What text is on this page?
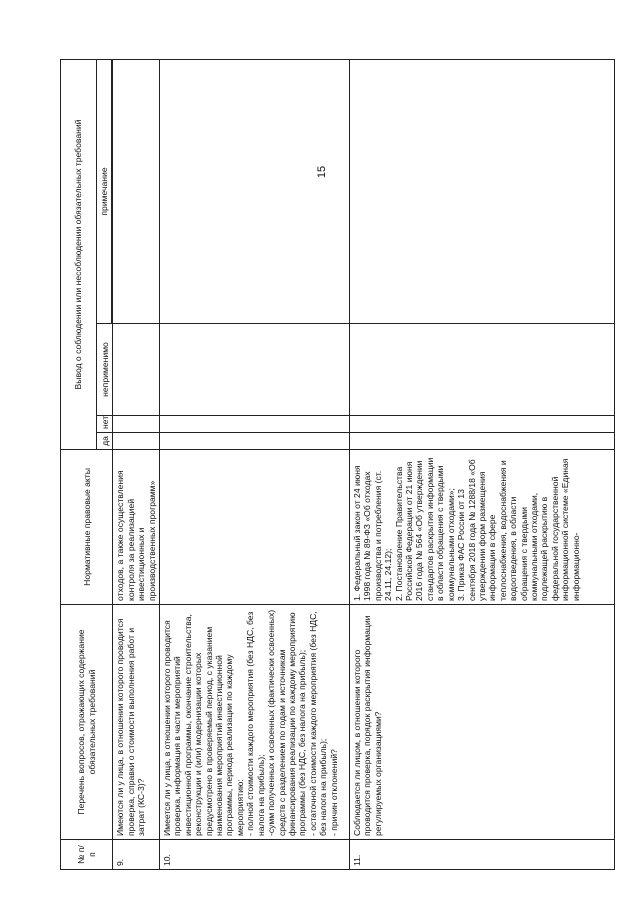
15
№ п/п	Перечень вопросов, отражающих содержание обязательных требований	Нормативные правовые акты	Вывод о соблюдении или несоблюдении обязательных требований			
			да	нет	неприменимо	примечание

9.	Имеются ли у лица, в отношении которого проводится проверка, справки о стоимости выполнения работ и затрат (КС-3)?	отходов, а также осуществления контроля за реализацией инвестиционных и производственных программ»				
10.	Имеется ли у лица, в отношении которого проводится проверка, информация в части мероприятий инвестиционной программы, окончание строительства, реконструкции и (или) модернизации которых предусмотрено в проверяемый период, с указанием наименования мероприятий инвестиционной программы, периода реализации по каждому мероприятию: - полной стоимости каждого мероприятия (без НДС, без налога на прибыль); -сумм полученных и освоенных (фактически освоенных) средств с разделением по годам и источникам финансирования реализации по каждому мероприятию программы (без НДС, без налога на прибыль); - остаточной стоимости каждого мероприятия (без НДС, без налога на прибыль); - причин отклонений?					

11.	Соблюдается ли лицом, в отношении которого проводится проверка, порядок раскрытия информации регулируемых организациями?	1. Федеральный закон от 24 июня 1998 года № 89-ФЗ «Об отходах производства и потребления (ст. 24.11, 24.12); 2. Постановление Правительства Российской Федерации от 21 июня 2016 года № 564 «Об утверждении стандартов раскрытия информации в области обращения с твердыми коммунальными отходами»; 3. Приказ ФАС России от 13 сентября 2018 года № 1288/18 «Об утверждении форм размещения информации в сфере теплоснабжения, водоснабжения и водоотведения, в области обращения с твердыми коммунальными отходами, подлежащей раскрытию в федеральной государственной информационной системе «Единая информационно-				
